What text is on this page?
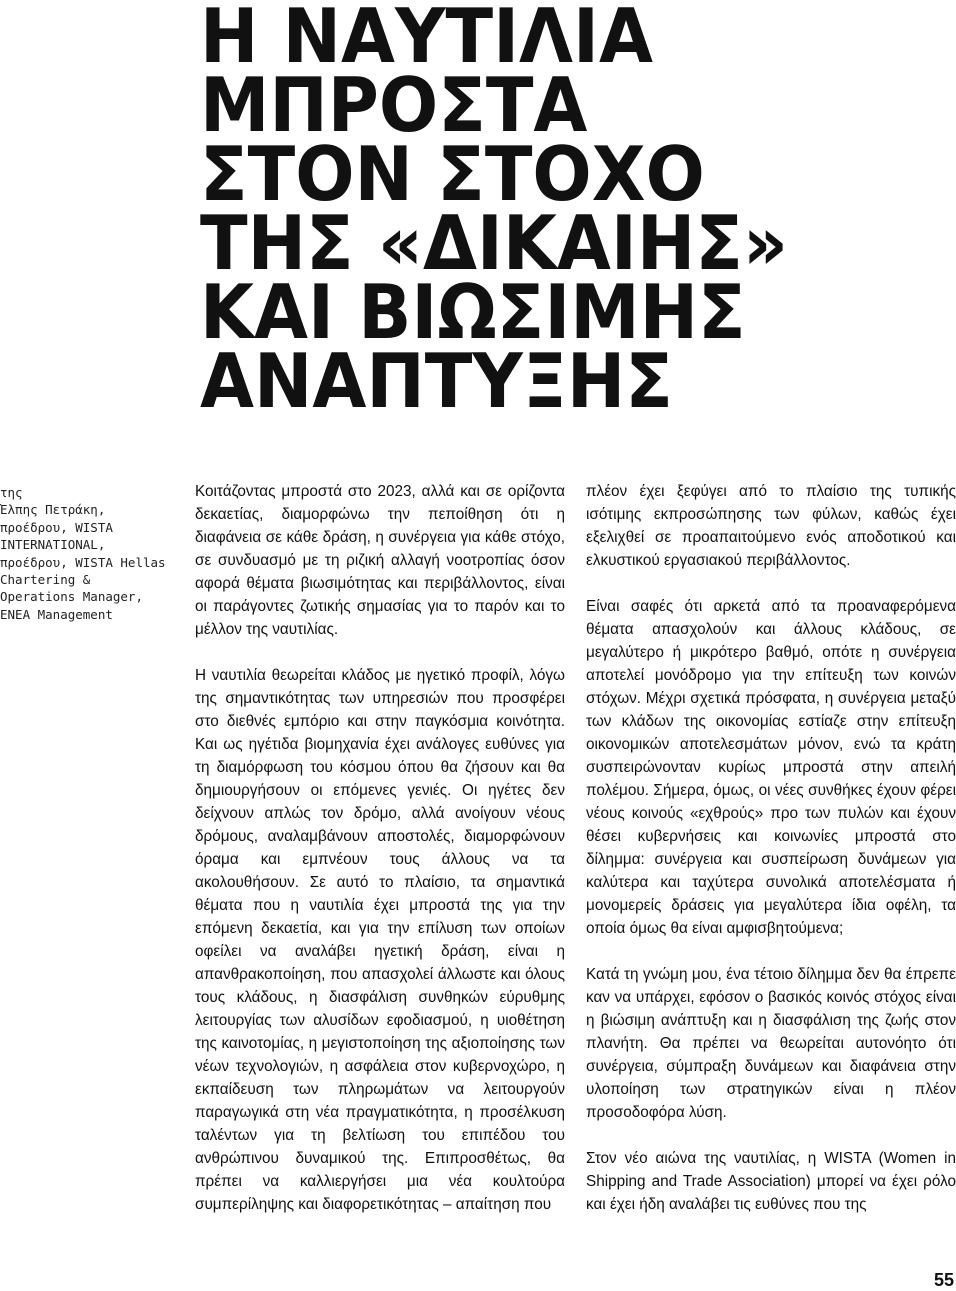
Η ΝΑΥΤΙΛΙΑ
ΜΠΡΟΣΤΑ
ΣΤΟΝ ΣΤΟΧΟ
ΤΗΣ «ΔΙΚΑΙΗΣ»
ΚΑΙ ΒΙΩΣΙΜΗΣ
ΑΝΑΠΤΥΞΗΣ
της
Έλπης Πετράκη,
προέδρου, WISTA
INTERNATIONAL,
προέδρου, WISTA Hellas
Chartering &
Operations Manager,
ENEA Management

Κοιτάζοντας μπροστά στο 2023, αλλά και σε ορίζοντα δεκαετίας, διαμορφώνω την πεποίθηση ότι η διαφάνεια σε κάθε δράση, η συνέργεια για κάθε στόχο, σε συνδυασμό με τη ριζική αλλαγή νοοτροπίας όσον αφορά θέματα βιωσιμότητας και περιβάλλοντος, είναι οι παράγοντες ζωτικής σημασίας για το παρόν και το μέλλον της ναυτιλίας.

Η ναυτιλία θεωρείται κλάδος με ηγετικό προφίλ, λόγω της σημαντικότητας των υπηρεσιών που προσφέρει στο διεθνές εμπόριο και στην παγκόσμια κοινότητα. Και ως ηγέτιδα βιομηχανία έχει ανάλογες ευθύνες για τη διαμόρφωση του κόσμου όπου θα ζήσουν και θα δημιουργήσουν οι επόμενες γενιές. Οι ηγέτες δεν δείχνουν απλώς τον δρόμο, αλλά ανοίγουν νέους δρόμους, αναλαμβάνουν αποστολές, διαμορφώνουν όραμα και εμπνέουν τους άλλους να τα ακολουθήσουν. Σε αυτό το πλαίσιο, τα σημαντικά θέματα που η ναυτιλία έχει μπροστά της για την επόμενη δεκαετία, και για την επίλυση των οποίων οφείλει να αναλάβει ηγετική δράση, είναι η απανθρακοποίηση, που απασχολεί άλλωστε και όλους τους κλάδους, η διασφάλιση συνθηκών εύρυθμης λειτουργίας των αλυσίδων εφοδιασμού, η υιοθέτηση της καινοτομίας, η μεγιστοποίηση της αξιοποίησης των νέων τεχνολογιών, η ασφάλεια στον κυβερνοχώρο, η εκπαίδευση των πληρωμάτων να λειτουργούν παραγωγικά στη νέα πραγματικότητα, η προσέλκυση ταλέντων για τη βελτίωση του επιπέδου του ανθρώπινου δυναμικού της. Επιπροσθέτως, θα πρέπει να καλλιεργήσει μια νέα κουλτούρα συμπερίληψης και διαφορετικότητας – απαίτηση που

πλέον έχει ξεφύγει από το πλαίσιο της τυπικής ισότιμης εκπροσώπησης των φύλων, καθώς έχει εξελιχθεί σε προαπαιτούμενο ενός αποδοτικού και ελκυστικού εργασιακού περιβάλλοντος.

Είναι σαφές ότι αρκετά από τα προαναφερόμενα θέματα απασχολούν και άλλους κλάδους, σε μεγαλύτερο ή μικρότερο βαθμό, οπότε η συνέργεια αποτελεί μονόδρομο για την επίτευξη των κοινών στόχων. Μέχρι σχετικά πρόσφατα, η συνέργεια μεταξύ των κλάδων της οικονομίας εστίαζε στην επίτευξη οικονομικών αποτελεσμάτων μόνον, ενώ τα κράτη συσπειρώνονταν κυρίως μπροστά στην απειλή πολέμου. Σήμερα, όμως, οι νέες συνθήκες έχουν φέρει νέους κοινούς «εχθρούς» προ των πυλών και έχουν θέσει κυβερνήσεις και κοινωνίες μπροστά στο δίλημμα: συνέργεια και συσπείρωση δυνάμεων για καλύτερα και ταχύτερα συνολικά αποτελέσματα ή μονομερείς δράσεις για μεγαλύτερα ίδια οφέλη, τα οποία όμως θα είναι αμφισβητούμενα;

Κατά τη γνώμη μου, ένα τέτοιο δίλημμα δεν θα έπρεπε καν να υπάρχει, εφόσον ο βασικός κοινός στόχος είναι η βιώσιμη ανάπτυξη και η διασφάλιση της ζωής στον πλανήτη. Θα πρέπει να θεωρείται αυτονόητο ότι συνέργεια, σύμπραξη δυνάμεων και διαφάνεια στην υλοποίηση των στρατηγικών είναι η πλέον προσοδοφόρα λύση.

Στον νέο αιώνα της ναυτιλίας, η WISTA (Women in Shipping and Trade Association) μπορεί να έχει ρόλο και έχει ήδη αναλάβει τις ευθύνες που της

55
